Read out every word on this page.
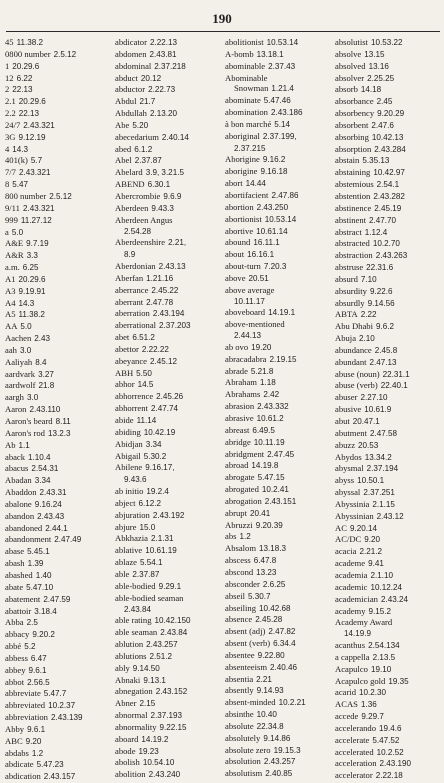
190
45 11.38.2
0800 number 2.5.12
1 20.29.6
12 6.22
2 22.13
2.1 20.29.6
2.2 22.13
24/7 2.43.321
3G 9.12.19
4 14.3
401(k) 5.7
7/7 2.43.321
8 5.47
800 number 2.5.12
9/11 2.43.321
999 11.27.12
a 5.0
A&E 9.7.19
A&R 3.3
a.m. 6.25
A1 20.29.6
A3 9.19.91
A4 14.3
A5 11.38.2
AA 5.0
Aachen 2.43
aah 3.0
Aaliyah 8.4
aardvark 3.27
aardwolf 21.8
aargh 3.0
Aaron 2.43.110
Aaron's beard 8.11
Aaron's rod 13.2.3
Ab 1.1
aback 1.10.4
abacus 2.54.31
Abadan 3.34
Abaddon 2.43.31
abalone 9.16.24
abandon 2.43.43
abandoned 2.44.1
abandonment 2.47.49
abase 5.45.1
abash 1.39
abashed 1.40
abate 5.47.10
abatement 2.47.59
abattoir 3.18.4
Abba 2.5
abbacy 9.20.2
abbé 5.2
abbess 6.47
abbey 9.6.1
abbot 2.56.5
abbreviate 5.47.7
abbreviated 10.2.37
abbreviation 2.43.139
Abby 9.6.1
ABC 9.20
abdabs 1.2
abdicate 5.47.23
abdication 2.43.157
abdicator 2.22.13
abdomen 2.43.81
abdominal 2.37.218
abduct 20.12
abductor 2.22.73
Abdul 21.7
Abdullah 2.13.20
Abe 5.20
abecedarium 2.40.14
abed 6.1.2
Abel 2.37.87
Abelard 3.9, 3.21.5
ABEND 6.30.1
Abercrombie 9.6.9
Aberdeen 9.43.3
Aberdeen Angus
2.54.28
Aberdeenshire 2.21,
8.9
Aberdonian 2.43.13
Aberfan 1.21.16
aberrance 2.45.22
aberrant 2.47.78
aberration 2.43.194
aberrational 2.37.203
abet 6.51.2
abettor 2.22.22
abeyance 2.45.12
ABH 5.50
abhor 14.5
abhorrence 2.45.26
abhorrent 2.47.74
abide 11.14
abiding 10.42.19
Abidjan 3.34
Abigail 5.30.2
Abilene 9.16.17,
9.43.6
ab initio 19.2.4
abject 6.12.2
abjuration 2.43.192
abjure 15.0
Abkhazia 2.1.31
ablative 10.61.19
ablaze 5.54.1
able 2.37.87
able-bodied 9.29.1
able-bodied seaman
2.43.84
able rating 10.42.150
able seaman 2.43.84
ablution 2.43.257
ablutions 2.51.2
ably 9.14.50
Abnaki 9.13.1
abnegation 2.43.152
Abner 2.15
abnormal 2.37.193
abnormality 9.22.15
aboard 14.19.2
abode 19.23
abolish 10.54.10
abolition 2.43.240
abolitionist 10.53.14
A-bomb 13.18.1
abominable 2.37.43
Abominable
Snowman 1.21.4
abominate 5.47.46
abomination 2.43.186
à bon marché 5.14
aboriginal 2.37.199,
2.37.215
Aborigine 9.16.2
aborigine 9.16.18
abort 14.44
abortifacient 2.47.86
abortion 2.43.250
abortionist 10.53.14
abortive 10.61.14
abound 16.11.1
about 16.16.1
about-turn 7.20.3
above 20.51
above average
10.11.17
aboveboard 14.19.1
above-mentioned
2.44.13
ab ovo 19.20
abracadabra 2.19.15
abrade 5.21.8
Abraham 1.18
Abrahams 2.42
abrasion 2.43.332
abrasive 10.61.2
abreast 6.49.5
abridge 10.11.19
abridgment 2.47.45
abroad 14.19.8
abrogate 5.47.15
abrogated 10.2.41
abrogation 2.43.151
abrupt 20.41
Abruzzi 9.20.39
abs 1.2
Absalom 13.18.3
abscess 6.47.8
abscond 13.23
absconder 2.6.25
abseil 5.30.7
abseiling 10.42.68
absence 2.45.28
absent (adj) 2.47.82
absent (verb) 6.34.4
absentee 9.22.80
absenteeism 2.40.46
absentia 2.21
absently 9.14.93
absent-minded 10.2.21
absinthe 10.40
absolute 22.34.8
absolutely 9.14.86
absolute zero 19.15.3
absolution 2.43.257
absolutism 2.40.85
absolutist 10.53.22
absolve 13.15
absolved 13.16
absolver 2.25.25
absorb 14.18
absorbance 2.45
absorbency 9.20.29
absorbent 2.47.6
absorbing 10.42.13
absorption 2.43.284
abstain 5.35.13
abstaining 10.42.97
abstemious 2.54.1
abstention 2.43.282
abstinence 2.45.19
abstinent 2.47.70
abstract 1.12.4
abstracted 10.2.70
abstraction 2.43.263
abstruse 22.31.6
absurd 7.10
absurdity 9.22.6
absurdly 9.14.56
ABTA 2.22
Abu Dhabi 9.6.2
Abuja 2.10
abundance 2.45.8
abundant 2.47.13
abuse (noun) 22.31.1
abuse (verb) 22.40.1
abuser 2.27.10
abusive 10.61.9
abut 20.47.1
abutment 2.47.58
abuzz 20.53
Abydos 13.34.2
abysmal 2.37.194
abyss 10.50.1
abyssal 2.37.251
Abyssinia 2.1.15
Abyssinian 2.43.12
AC 9.20.14
AC/DC 9.20
acacia 2.21.2
academe 9.41
academia 2.1.10
academic 10.12.24
academician 2.43.24
academy 9.15.2
Academy Award
14.19.9
acanthus 2.54.134
a cappella 2.13.5
Acapulco 19.10
Acapulco gold 19.35
acarid 10.2.30
ACAS 1.36
accede 9.29.7
accelerando 19.4.6
accelerate 5.47.52
accelerated 10.2.52
acceleration 2.43.190
accelerator 2.22.18
